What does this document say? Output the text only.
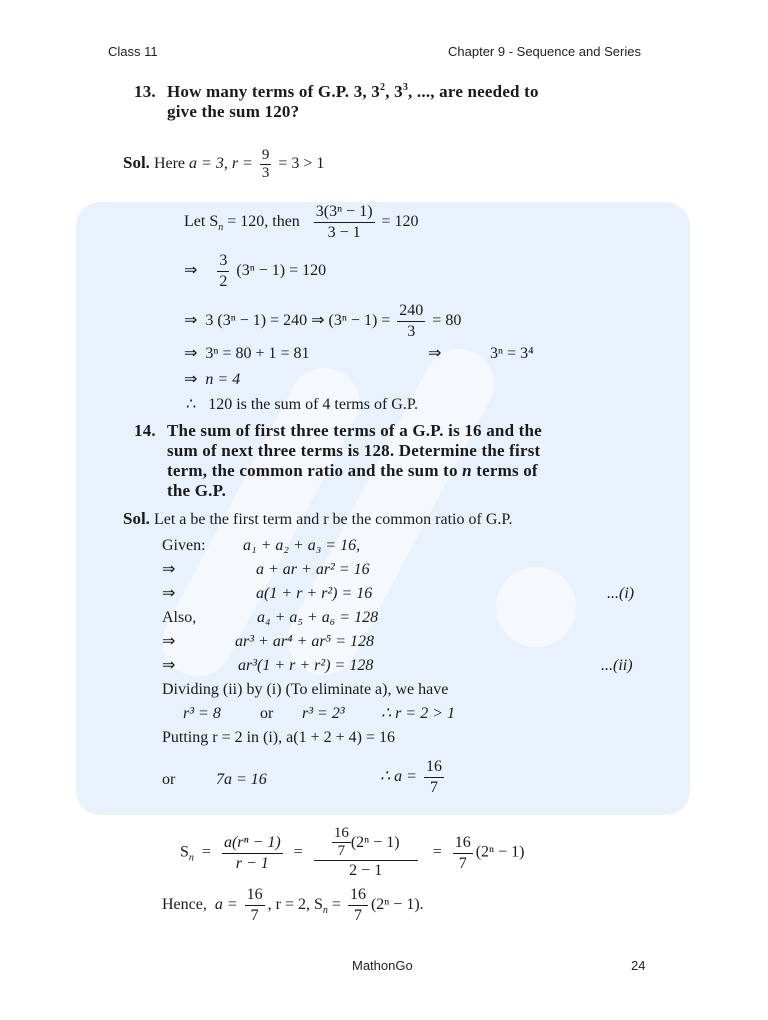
Class 11	Chapter 9 - Sequence and Series
13. How many terms of G.P. 3, $3^2$, $3^3$, ..., are needed to
give the sum 120?
Sol. Here a = 3, $r = \frac{9}{3} = 3 > 1$
Let $S_n = 120$, then $\frac{\text{3(3ⁿ − 1)}}{3 - 1} = 120$
⇒ $\frac{3}{2} (3^n - 1) = 120$
⇒ 3 (3ⁿ − 1) = 240 ⇒ $(3^n - 1) = \frac{240}{3} = 80$
⇒ 3ⁿ = 80 + 1 = 81	⇒	3ⁿ = 3⁴
⇒ n = 4
∴ 120 is the sum of 4 terms of G.P.
14. The sum of first three terms of a G.P. is 16 and the
sum of next three terms is 128. Determine the first
term, the common ratio and the sum to n terms of
the G.P.
Sol. Let a be the first term and r be the common ratio of G.P.
Given: a₁ + a₂ + a₃ = 16,
⇒	a + ar + ar² = 16
⇒	a(1 + r + r²) = 16	...(i)
Also,	a₄ + a₅ + a₆ = 128
⇒	ar³ + ar⁴ + ar⁵ = 128
⇒	ar³(1 + r + r²) = 128	...(ii)
Dividing (ii) by (i) (To eliminate a), we have
r³ = 8 or r³ = 2³ ∴ r = 2 > 1
Putting r = 2 in (i), a(1 + 2 + 4) = 16
or	7a = 16	∴ $a = \frac{16}{7}$
$S_n = \frac{\text{a(rⁿ − 1)}}{r - 1} = \frac{\frac{16}{7} (2^n - 1)}{2 - 1} = \frac{16}{7} (2^n - 1)$
Hence, $a = \frac{16}{7}$ , r = 2, $S_n = \frac{16}{7} (2^n - 1)$.
MathonGo	24
